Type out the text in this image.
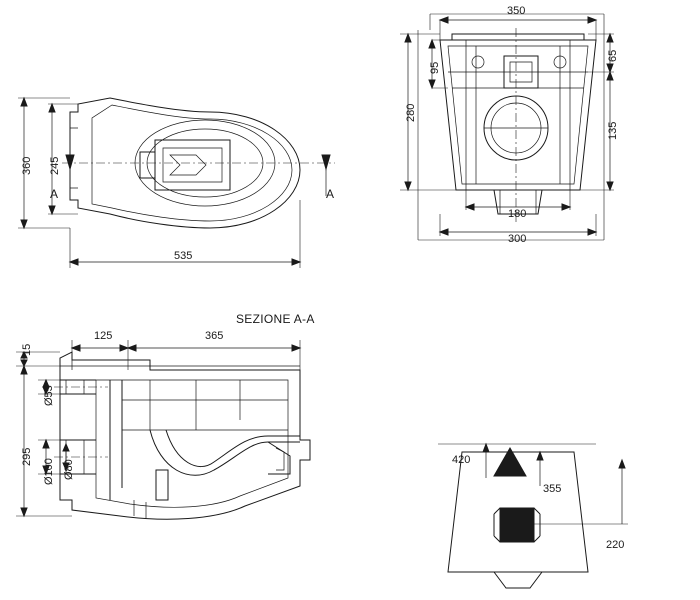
360 245
535
A	A
350
95
65
280
135
180
300
SEZIONE A-A
125	365
15
Ø55
295
Ø100 Ø80	420
355
220
